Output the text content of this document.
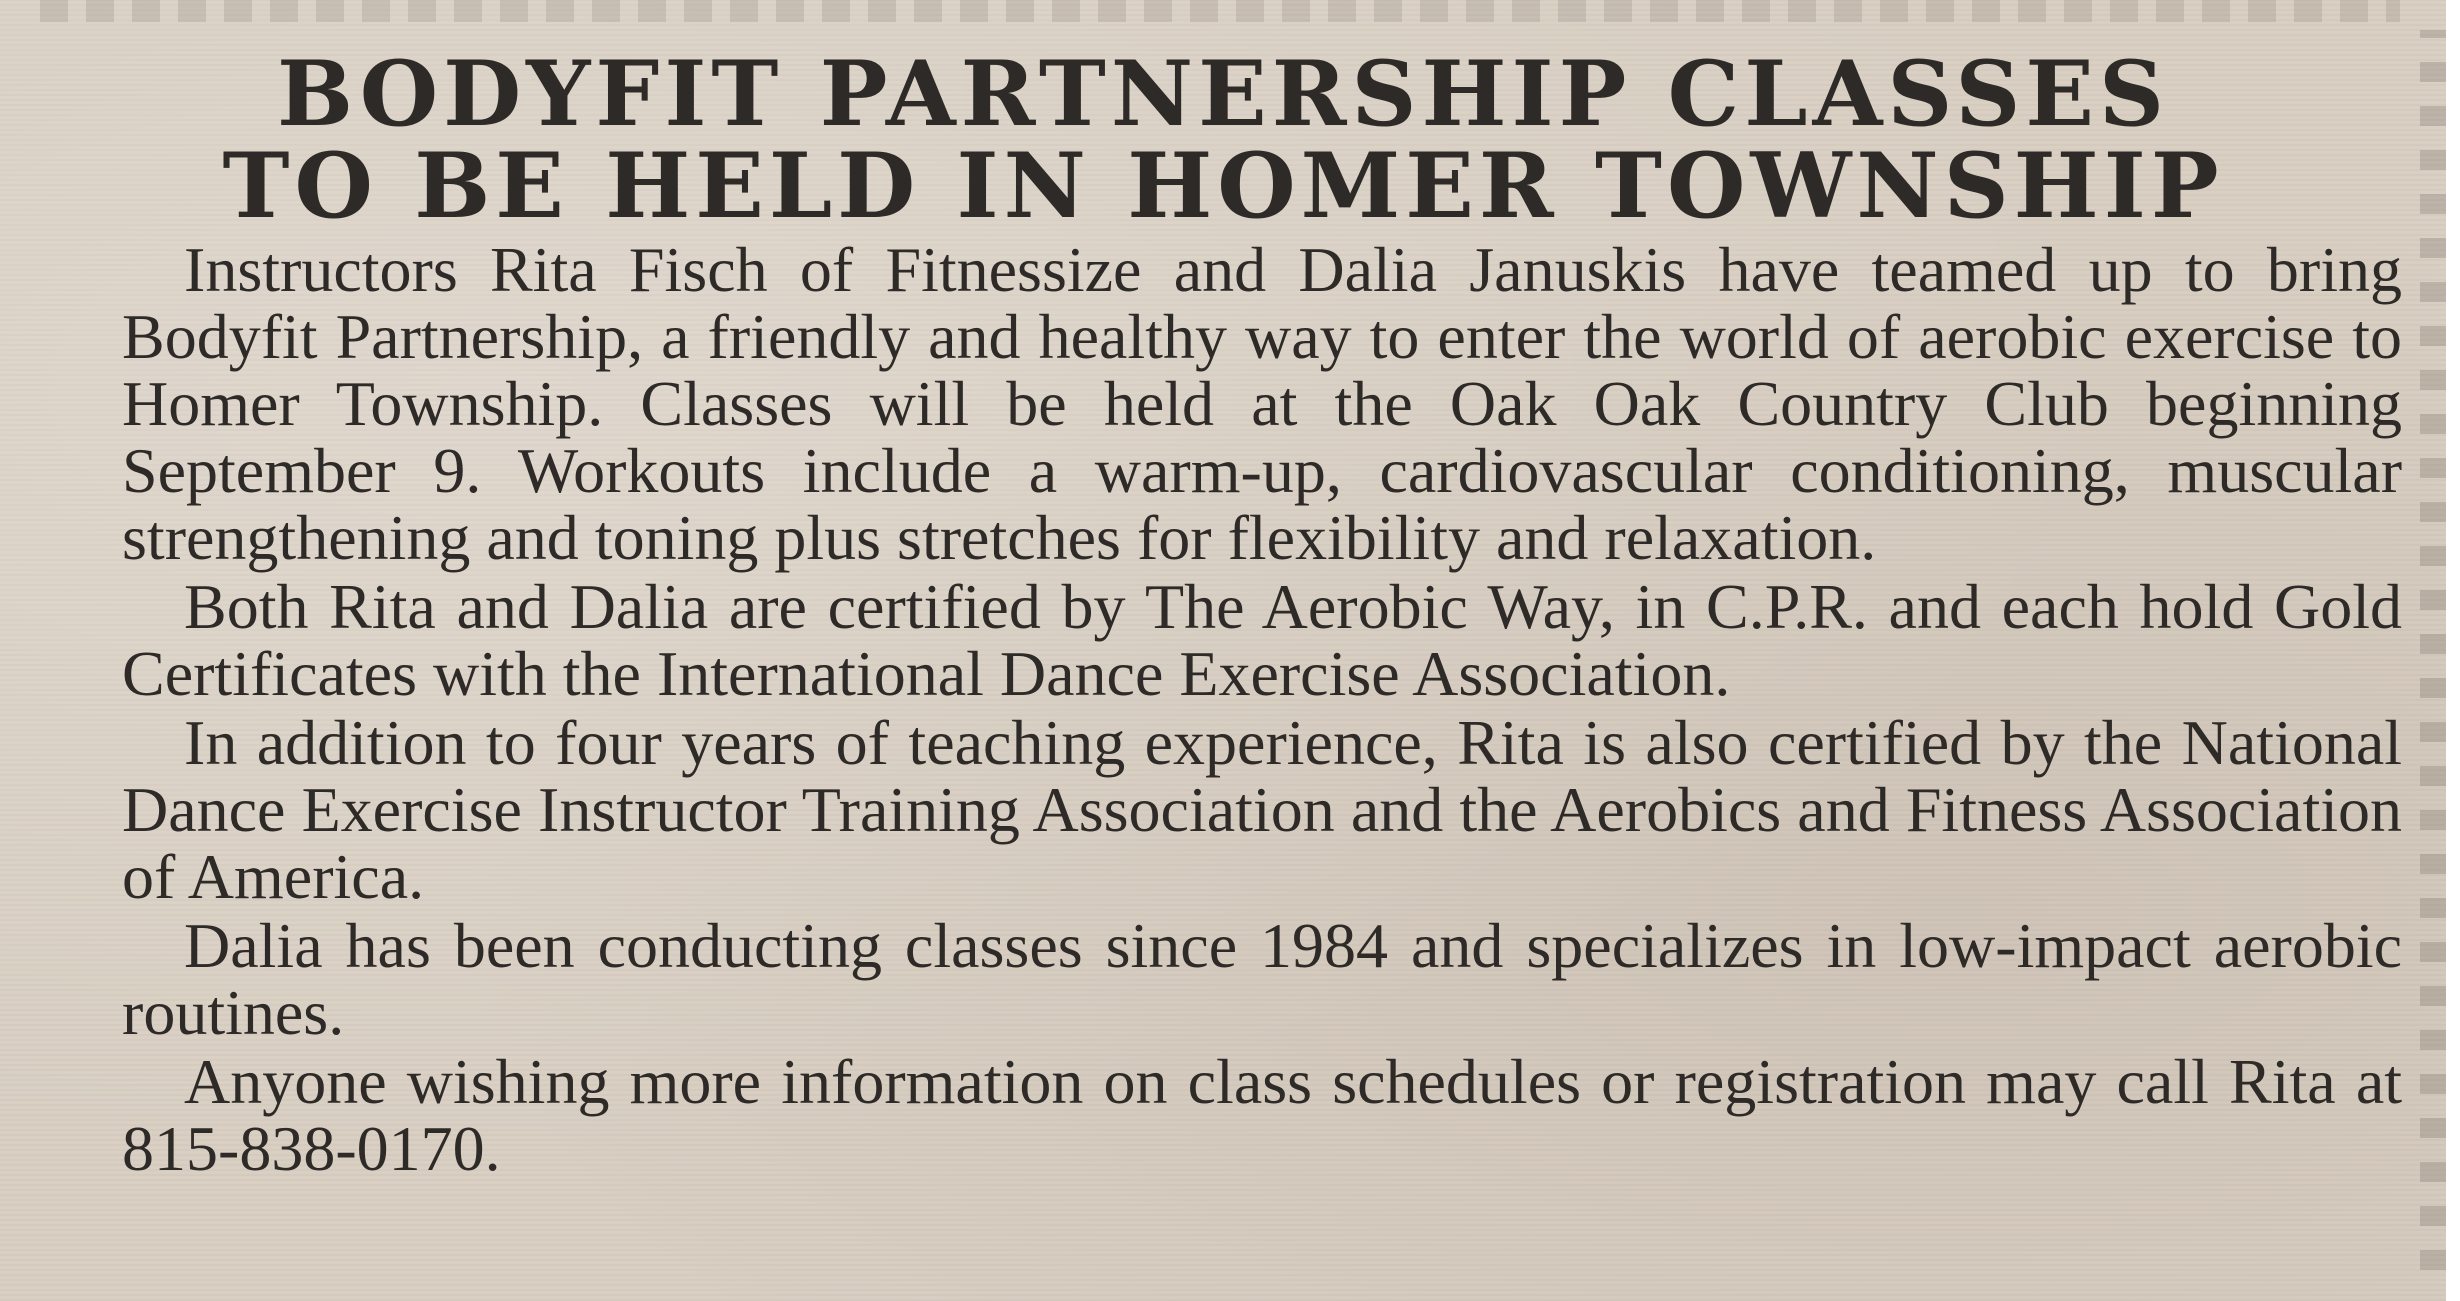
BODYFIT PARTNERSHIP CLASSES
TO BE HELD IN HOMER TOWNSHIP

Instructors Rita Fisch of Fitnessize and Dalia Januskis have teamed up to bring Bodyfit Partnership, a friendly and healthy way to enter the world of aerobic exercise to Homer Township. Classes will be held at the Oak Oak Country Club beginning September 9. Workouts include a warm-up, cardiovascular conditioning, muscular strengthening and toning plus stretches for flexibility and relaxation.

Both Rita and Dalia are certified by The Aerobic Way, in C.P.R. and each hold Gold Certificates with the International Dance Exercise Association.

In addition to four years of teaching experience, Rita is also certified by the National Dance Exercise Instructor Training Association and the Aerobics and Fitness Association of America.

Dalia has been conducting classes since 1984 and specializes in low-impact aerobic routines.

Anyone wishing more information on class schedules or registration may call Rita at 815-838-0170.
